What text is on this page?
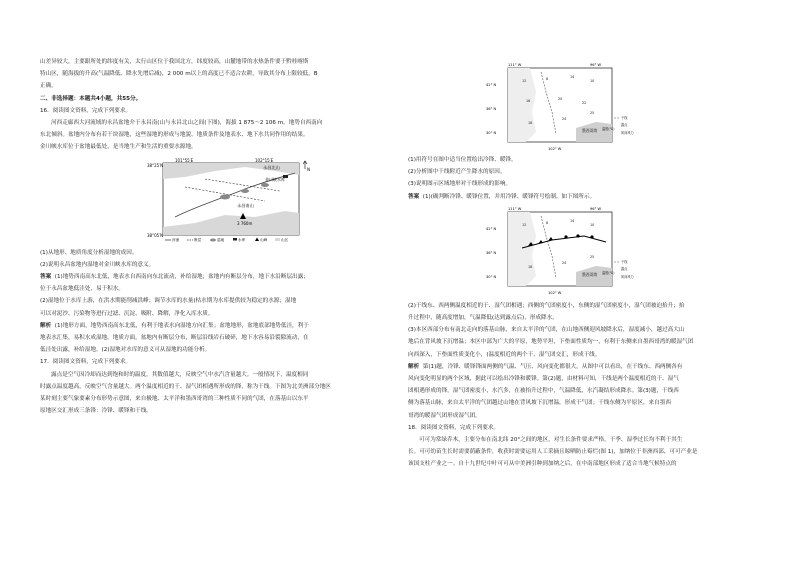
山差异较大，主要跟所处的纬度有关，太行山区位于我国北方，纬度较高，山麓地带的水热条件要于黔桂喀斯

特山区，随海拔的升高(气温降低、降水先增后减)，2 000 m以上的高度已不适合农耕，导致其分布上限较低，B

正确。

二、非选择题：本题共4小题，共55分。

16．阅读图文资料，完成下列要求。

河西走廊西大河流域的永昌盆地介于永昌南(山与永昌北山之间(下图)，海拔 1 875～2 106 m，地势自西南向

东北倾斜。盆地内分布有若干块湿地，这些湿地的形成与地貌、地质条件及地表水、地下水共同作用的结果。

金川峡水库位于盆地最低处，是当地生产和生活的重要水源地。

38°25′N
38°05′N
101°55′E	102°15′E
永昌北山
永昌南山
3 760m
金川峡水库
N
河流	断层	湿地	水库	山峰	山区

(1)从地形、地质角度分析湿地的成因。

(2)说明永昌盆地内湿地对金川峡水库的意义。

答案 (1)地势西南高东北低，地表水自西南向东北流动，补给湿地；盆地内有断层分布，地下水沿断层出露；

位于永昌盆地低洼处，易于积水。

(2)湿地位于水库上游，在洪水期能削减洪峰；调节水库的水量(枯水期为水库提供较为稳定的水源；湿地

可以对泥沙、污染物等进行过滤、沉淀、吸附、降解，净化入库水质。

解析 (1)地形方面，地势西南高东北低，有利于地表水向湿地方向汇集；盆地地形，盆地底部地势低洼，利于

地表水汇集，易积水成湿地。地质方面，盆地内有断层分布，断层沿线岩石破碎，地下水容易沿裂隙流动，在

低洼处出露，补给湿地。(2)湿地对水库的意义可从湿地的功能分析。

17．阅读图文资料，完成下列要求。

露点是空气因冷却而达到饱和时的温度，其数值越大，反映空气中水汽含量越大。一般情况下，温度相同

时露点温度越高，反映空气含量越大。两个温度相近的干、湿气团相遇所形成的锋，称为干线。下图为北美洲部分地区

某时刻主要气象要素分布形势示意图，来自极地、太平洋和墨西哥湾的三种性质不同的气团，在落基山以东平

原地区交汇形成三条锋：冷锋、暖锋和干线。

12	8	14
10
16	20
22
18
24
25
42° N
36° N
30° N
111° W	96° W
102° W
墨西哥湾
干线
露点
温度(℃)
风向风力

(1)用符号在图中适当位置绘出冷锋、暖锋。

(2)分析图中干线附近产生降水的原因。

(3)说明图示区域地形对干线形成的影响。

答案 (1)(确判断冷锋、暖锋位置，并用冷锋、暖锋符号绘制。如下图所示。

12	8	14
10
18
24
25
42° N
36° N
30° N
111° W	96° W
102° W
墨西哥湾
干线
露点
温度(℃)
风向风力

(2)干线东、西两侧温度相近的干、湿气团相遇；西侧的气团密度小，东侧的湿气团密度小，湿气团被迫抬升；抬

升过程中，随高度增加，气温降低(达到露点后)，形成降水。

(3)本区西部分布有南北走向的落基山脉，来自太平洋的气团，在山地西侧迎风坡降水后，湿度减小，越过高大山

地后在背风坡下沉增温；本区中部为广大的平原，地势平坦，下垫面性质均一，有利于东侧来自墨西哥湾的暖湿气团

向西深入，下垫面性质变化小，(温度相近的两个干、湿气团交汇，形成干线。

解析 第(1)题，冷锋、暖锋锋面两侧的气温、气压、风向变化都很大，从图中可以看出，在干线东、西两侧各有

风向变化明显的两个区域，据此可以绘出冷锋和暖锋。第(2)题，由材料可知，干线是两个温度相近的干、湿气

团相遇形成的锋，湿气团密度小，水汽多，在被抬升过程中，气温降低，水汽凝结形成降水。第(3)题，干线西

侧为落基山脉，来自太平洋的气团越过山地在背风坡下沉增温，形成干气团；干线东侧为平原区，来自墨西

哥湾的暖湿气团形成湿气团。

18．阅读图文资料，完成下列要求。

可可为常绿乔木，主要分布在南北纬 20°之间的地区，对生长条件要求严格，干季、湿季过长均不利于其生

长。可可幼苗生长时需要荫蔽条件，收获时需要运用人工采摘且晾晒防止霉烂(图 1)，加纳位于非洲西部，可可产业是

该国支柱产业之一。自十九世纪中叶可可从中美洲引种到加纳之后，在中南部地区形成了适合当地气候特点的
